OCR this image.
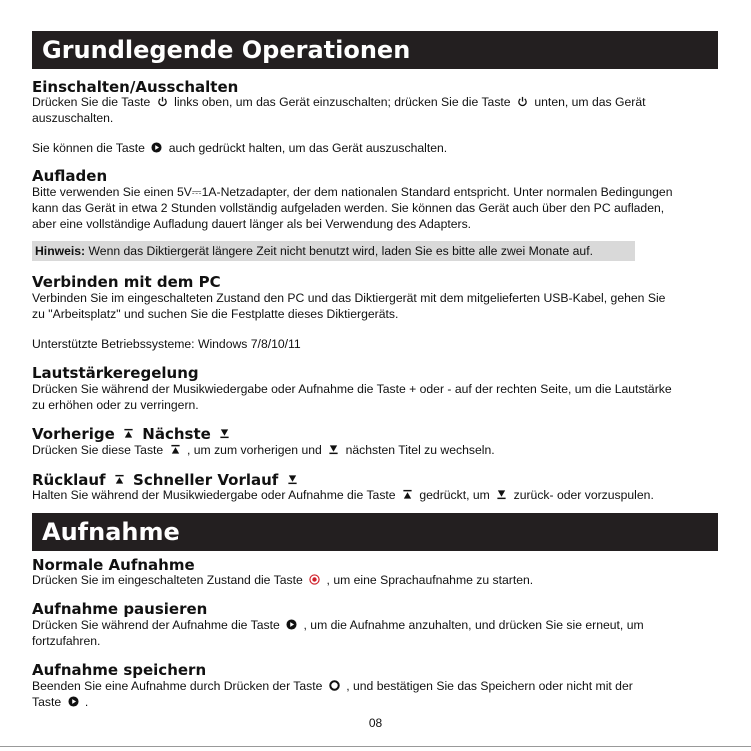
Grundlegende Operationen
Einschalten/Ausschalten
Drücken Sie die Taste links oben, um das Gerät einzuschalten; drücken Sie die Taste unten, um das Gerät
auszuschalten.
Sie können die Taste auch gedrückt halten, um das Gerät auszuschalten.
Aufladen
Bitte verwenden Sie einen 5V⎓1A-Netzadapter, der dem nationalen Standard entspricht. Unter normalen Bedingungen
kann das Gerät in etwa 2 Stunden vollständig aufgeladen werden. Sie können das Gerät auch über den PC aufladen,
aber eine vollständige Aufladung dauert länger als bei Verwendung des Adapters.
Hinweis: Wenn das Diktiergerät längere Zeit nicht benutzt wird, laden Sie es bitte alle zwei Monate auf.
Verbinden mit dem PC
Verbinden Sie im eingeschalteten Zustand den PC und das Diktiergerät mit dem mitgelieferten USB-Kabel, gehen Sie
zu "Arbeitsplatz" und suchen Sie die Festplatte dieses Diktiergeräts.
Unterstützte Betriebssysteme: Windows 7/8/10/11
Lautstärkeregelung
Drücken Sie während der Musikwiedergabe oder Aufnahme die Taste + oder - auf der rechten Seite, um die Lautstärke
zu erhöhen oder zu verringern.
Vorherige Nächste
Drücken Sie diese Taste , um zum vorherigen und nächsten Titel zu wechseln.
Rücklauf Schneller Vorlauf
Halten Sie während der Musikwiedergabe oder Aufnahme die Taste gedrückt, um zurück- oder vorzuspulen.
Aufnahme
Normale Aufnahme
Drücken Sie im eingeschalteten Zustand die Taste , um eine Sprachaufnahme zu starten.
Aufnahme pausieren
Drücken Sie während der Aufnahme die Taste , um die Aufnahme anzuhalten, und drücken Sie sie erneut, um
fortzufahren.
Aufnahme speichern
Beenden Sie eine Aufnahme durch Drücken der Taste , und bestätigen Sie das Speichern oder nicht mit der
Taste .
08
